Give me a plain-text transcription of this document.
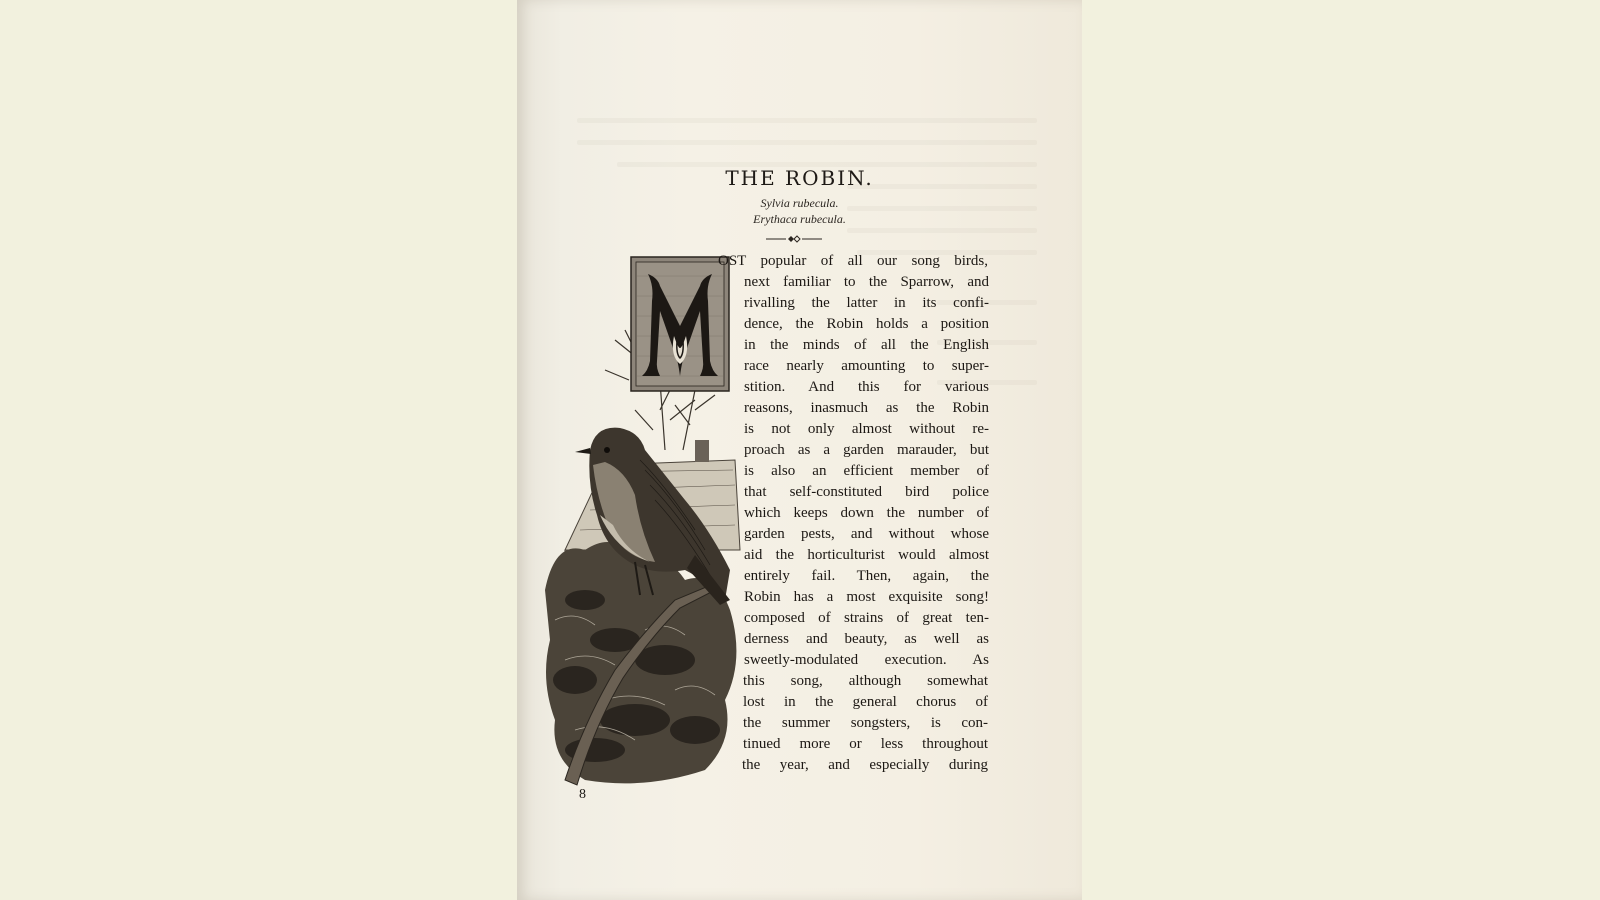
THE ROBIN.
Sylvia rubecula.
Erythaca rubecula.
OST popular of all our song birds,
next familiar to the Sparrow, and
rivalling the latter in its confi-
dence, the Robin holds a position
in the minds of all the English
race nearly amounting to super-
stition. And this for various
reasons, inasmuch as the Robin
is not only almost without re-
proach as a garden marauder, but
is also an efficient member of
that self-constituted bird police
which keeps down the number of
garden pests, and without whose
aid the horticulturist would almost
entirely fail. Then, again, the
Robin has a most exquisite song!
composed of strains of great ten-
derness and beauty, as well as
sweetly-modulated execution. As
this song, although somewhat
lost in the general chorus of
the summer songsters, is con-
tinued more or less throughout
the year, and especially during
8
